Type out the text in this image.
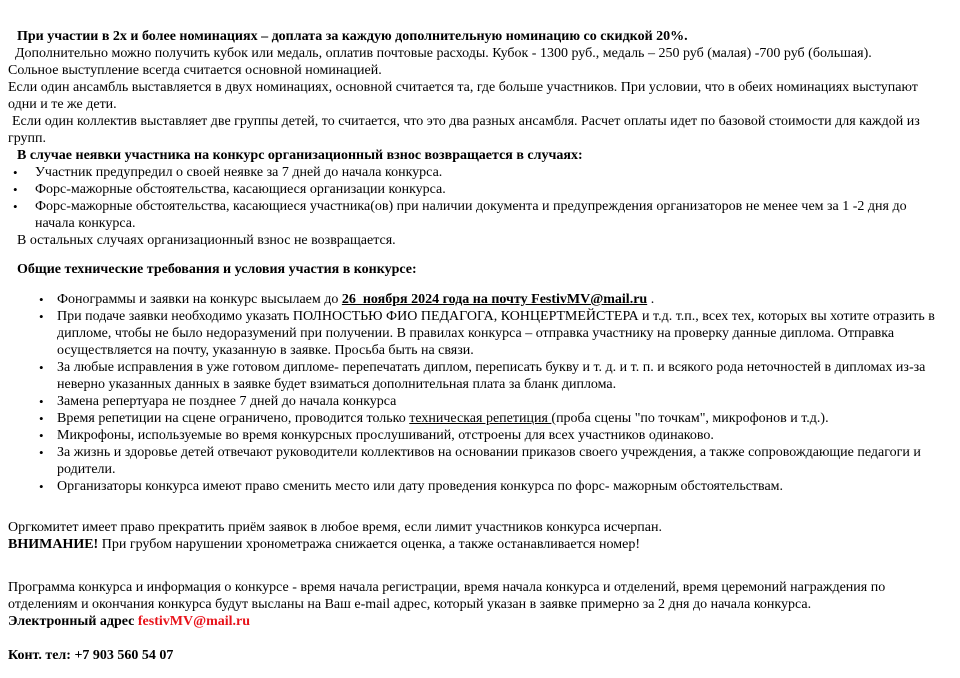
При участии в 2х и более номинациях – доплата за каждую дополнительную номинацию со скидкой 20%.

Дополнительно можно получить кубок или медаль, оплатив почтовые расходы. Кубок - 1300 руб., медаль – 250 руб (малая) -700 руб (большая).

Сольное выступление всегда считается основной номинацией.

Если один ансамбль выставляется в двух номинациях, основной считается та, где больше участников. При условии, что в обеих номинациях выступают одни и те же дети.

Если один коллектив выставляет две группы детей, то считается, что это два разных ансамбля. Расчет оплаты идет по базовой стоимости для каждой из групп.

В случае неявки участника на конкурс организационный взнос возвращается в случаях:

• Участник предупредил о своей неявке за 7 дней до начала конкурса.
• Форс-мажорные обстоятельства, касающиеся организации конкурса.
• Форс-мажорные обстоятельства, касающиеся участника(ов) при наличии документа и предупреждения организаторов не менее чем за 1 -2 дня до начала конкурса.

В остальных случаях организационный взнос не возвращается.

Общие технические требования и условия участия в конкурсе:

• Фонограммы и заявки на конкурс высылаем до 26  ноября 2024 года на почту FestivMV@mail.ru .
• При подаче заявки необходимо указать ПОЛНОСТЬЮ ФИО ПЕДАГОГА, КОНЦЕРТМЕЙСТЕРА и т.д. т.п., всех тех, которых вы хотите отразить в дипломе, чтобы не было недоразумений при получении. В правилах конкурса – отправка участнику на проверку данные диплома. Отправка осуществляется на почту, указанную в заявке. Просьба быть на связи.
• За любые исправления в уже готовом дипломе- перепечатать диплом, переписать букву и т. д. и т. п. и всякого рода неточностей в дипломах из-за неверно указанных данных в заявке будет взиматься дополнительная плата за бланк диплома.
• Замена репертуара не позднее 7 дней до начала конкурса
• Время репетиции на сцене ограничено, проводится только техническая репетиция (проба сцены "по точкам", микрофонов и т.д.).
• Микрофоны, используемые во время конкурсных прослушиваний, отстроены для всех участников одинаково.
• За жизнь и здоровье детей отвечают руководители коллективов на основании приказов своего учреждения, а также сопровождающие педагоги и родители.
• Организаторы конкурса имеют право сменить место или дату проведения конкурса по форс- мажорным обстоятельствам.

Оргкомитет имеет право прекратить приём заявок в любое время, если лимит участников конкурса исчерпан.

ВНИМАНИЕ! При грубом нарушении хронометража снижается оценка, а также останавливается номер!

Программа конкурса и информация о конкурсе - время начала регистрации, время начала конкурса и отделений, время церемоний награждения по отделениям и окончания конкурса будут высланы на Ваш e-mail адрес, который указан в заявке примерно за 2 дня до начала конкурса.

Электронный адрес festivMV@mail.ru

Конт. тел: +7 903 560 54 07
